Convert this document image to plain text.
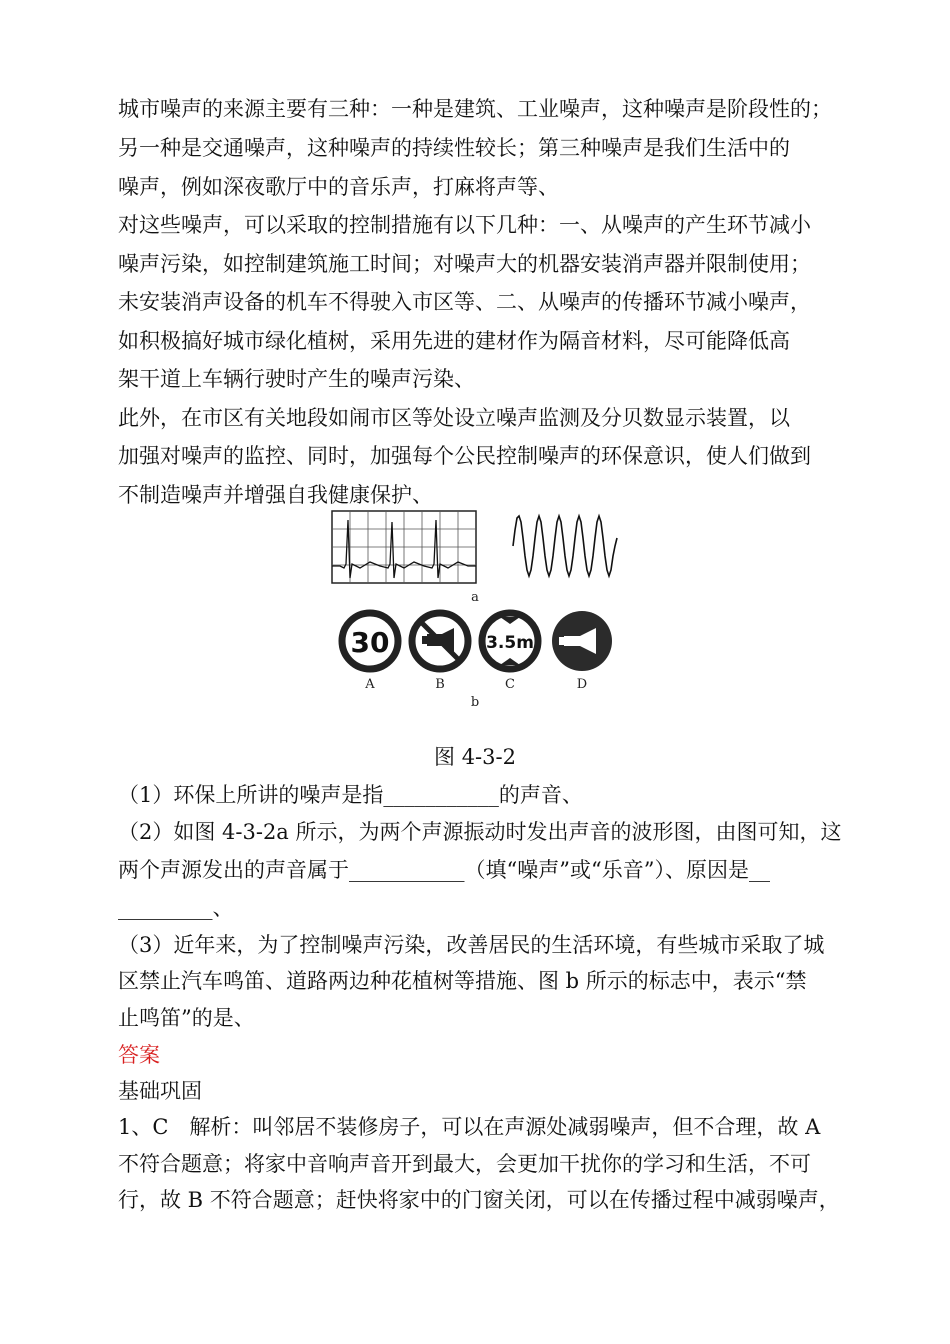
城市噪声的来源主要有三种：一种是建筑、工业噪声，这种噪声是阶段性的；
另一种是交通噪声，这种噪声的持续性较长；第三种噪声是我们生活中的
噪声，例如深夜歌厅中的音乐声，打麻将声等、
对这些噪声，可以采取的控制措施有以下几种：一、从噪声的产生环节减小
噪声污染，如控制建筑施工时间；对噪声大的机器安装消声器并限制使用；
未安装消声设备的机车不得驶入市区等、二、从噪声的传播环节减小噪声，
如积极搞好城市绿化植树，采用先进的建材作为隔音材料，尽可能降低高
架干道上车辆行驶时产生的噪声污染、
此外，在市区有关地段如闹市区等处设立噪声监测及分贝数显示装置，以
加强对噪声的监控、同时，加强每个公民控制噪声的环保意识，使人们做到
不制造噪声并增强自我健康保护、
a
30	3.5m
A	B	C	D
b
图 4-3-2
（1）环保上所讲的噪声是指___________的声音、
（2）如图 4-3-2a 所示，为两个声源振动时发出声音的波形图，由图可知，这
两个声源发出的声音属于___________（填“噪声”或“乐音”）、原因是__
_________、
（3）近年来，为了控制噪声污染，改善居民的生活环境，有些城市采取了城
区禁止汽车鸣笛、道路两边种花植树等措施、图 b 所示的标志中，表示“禁
止鸣笛”的是、
答案
基础巩固
1、C　解析：叫邻居不装修房子，可以在声源处减弱噪声，但不合理，故 A
不符合题意；将家中音响声音开到最大，会更加干扰你的学习和生活，不可
行，故 B 不符合题意；赶快将家中的门窗关闭，可以在传播过程中减弱噪声，
